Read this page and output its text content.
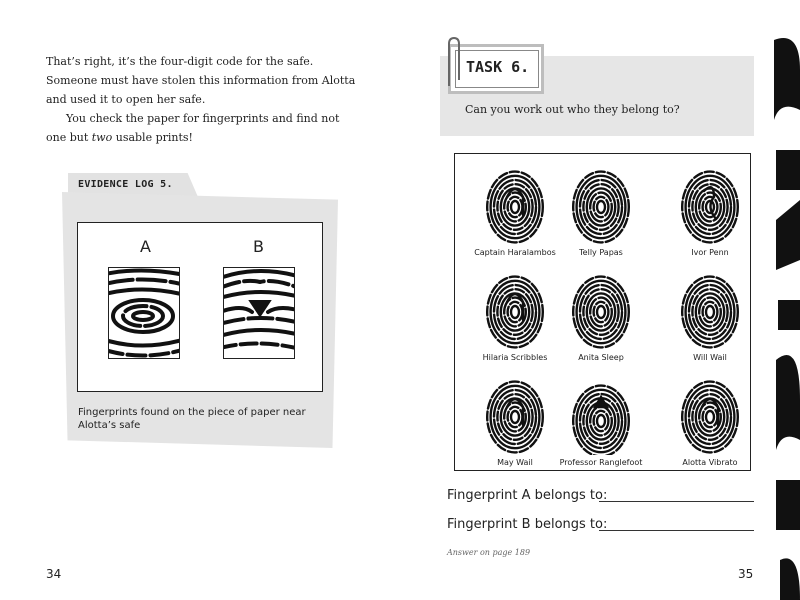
That’s right, it’s the four-digit code for the safe. Someone must have stolen this information from Alotta and used it to open her safe.

You check the paper for fingerprints and find not one but two usable prints!

EVIDENCE LOG 5.
A	B
Fingerprints found on the piece of paper near Alotta’s safe
34
TASK 6.
Can you work out who they belong to?
Captain Haralambos	Telly Papas	Ivor Penn
Hilaria Scribbles	Anita Sleep	Will Wail
May Wail	Professor Ranglefoot	Alotta Vibrato
Fingerprint A belongs to:
Fingerprint B belongs to:
Answer on page 189
35
